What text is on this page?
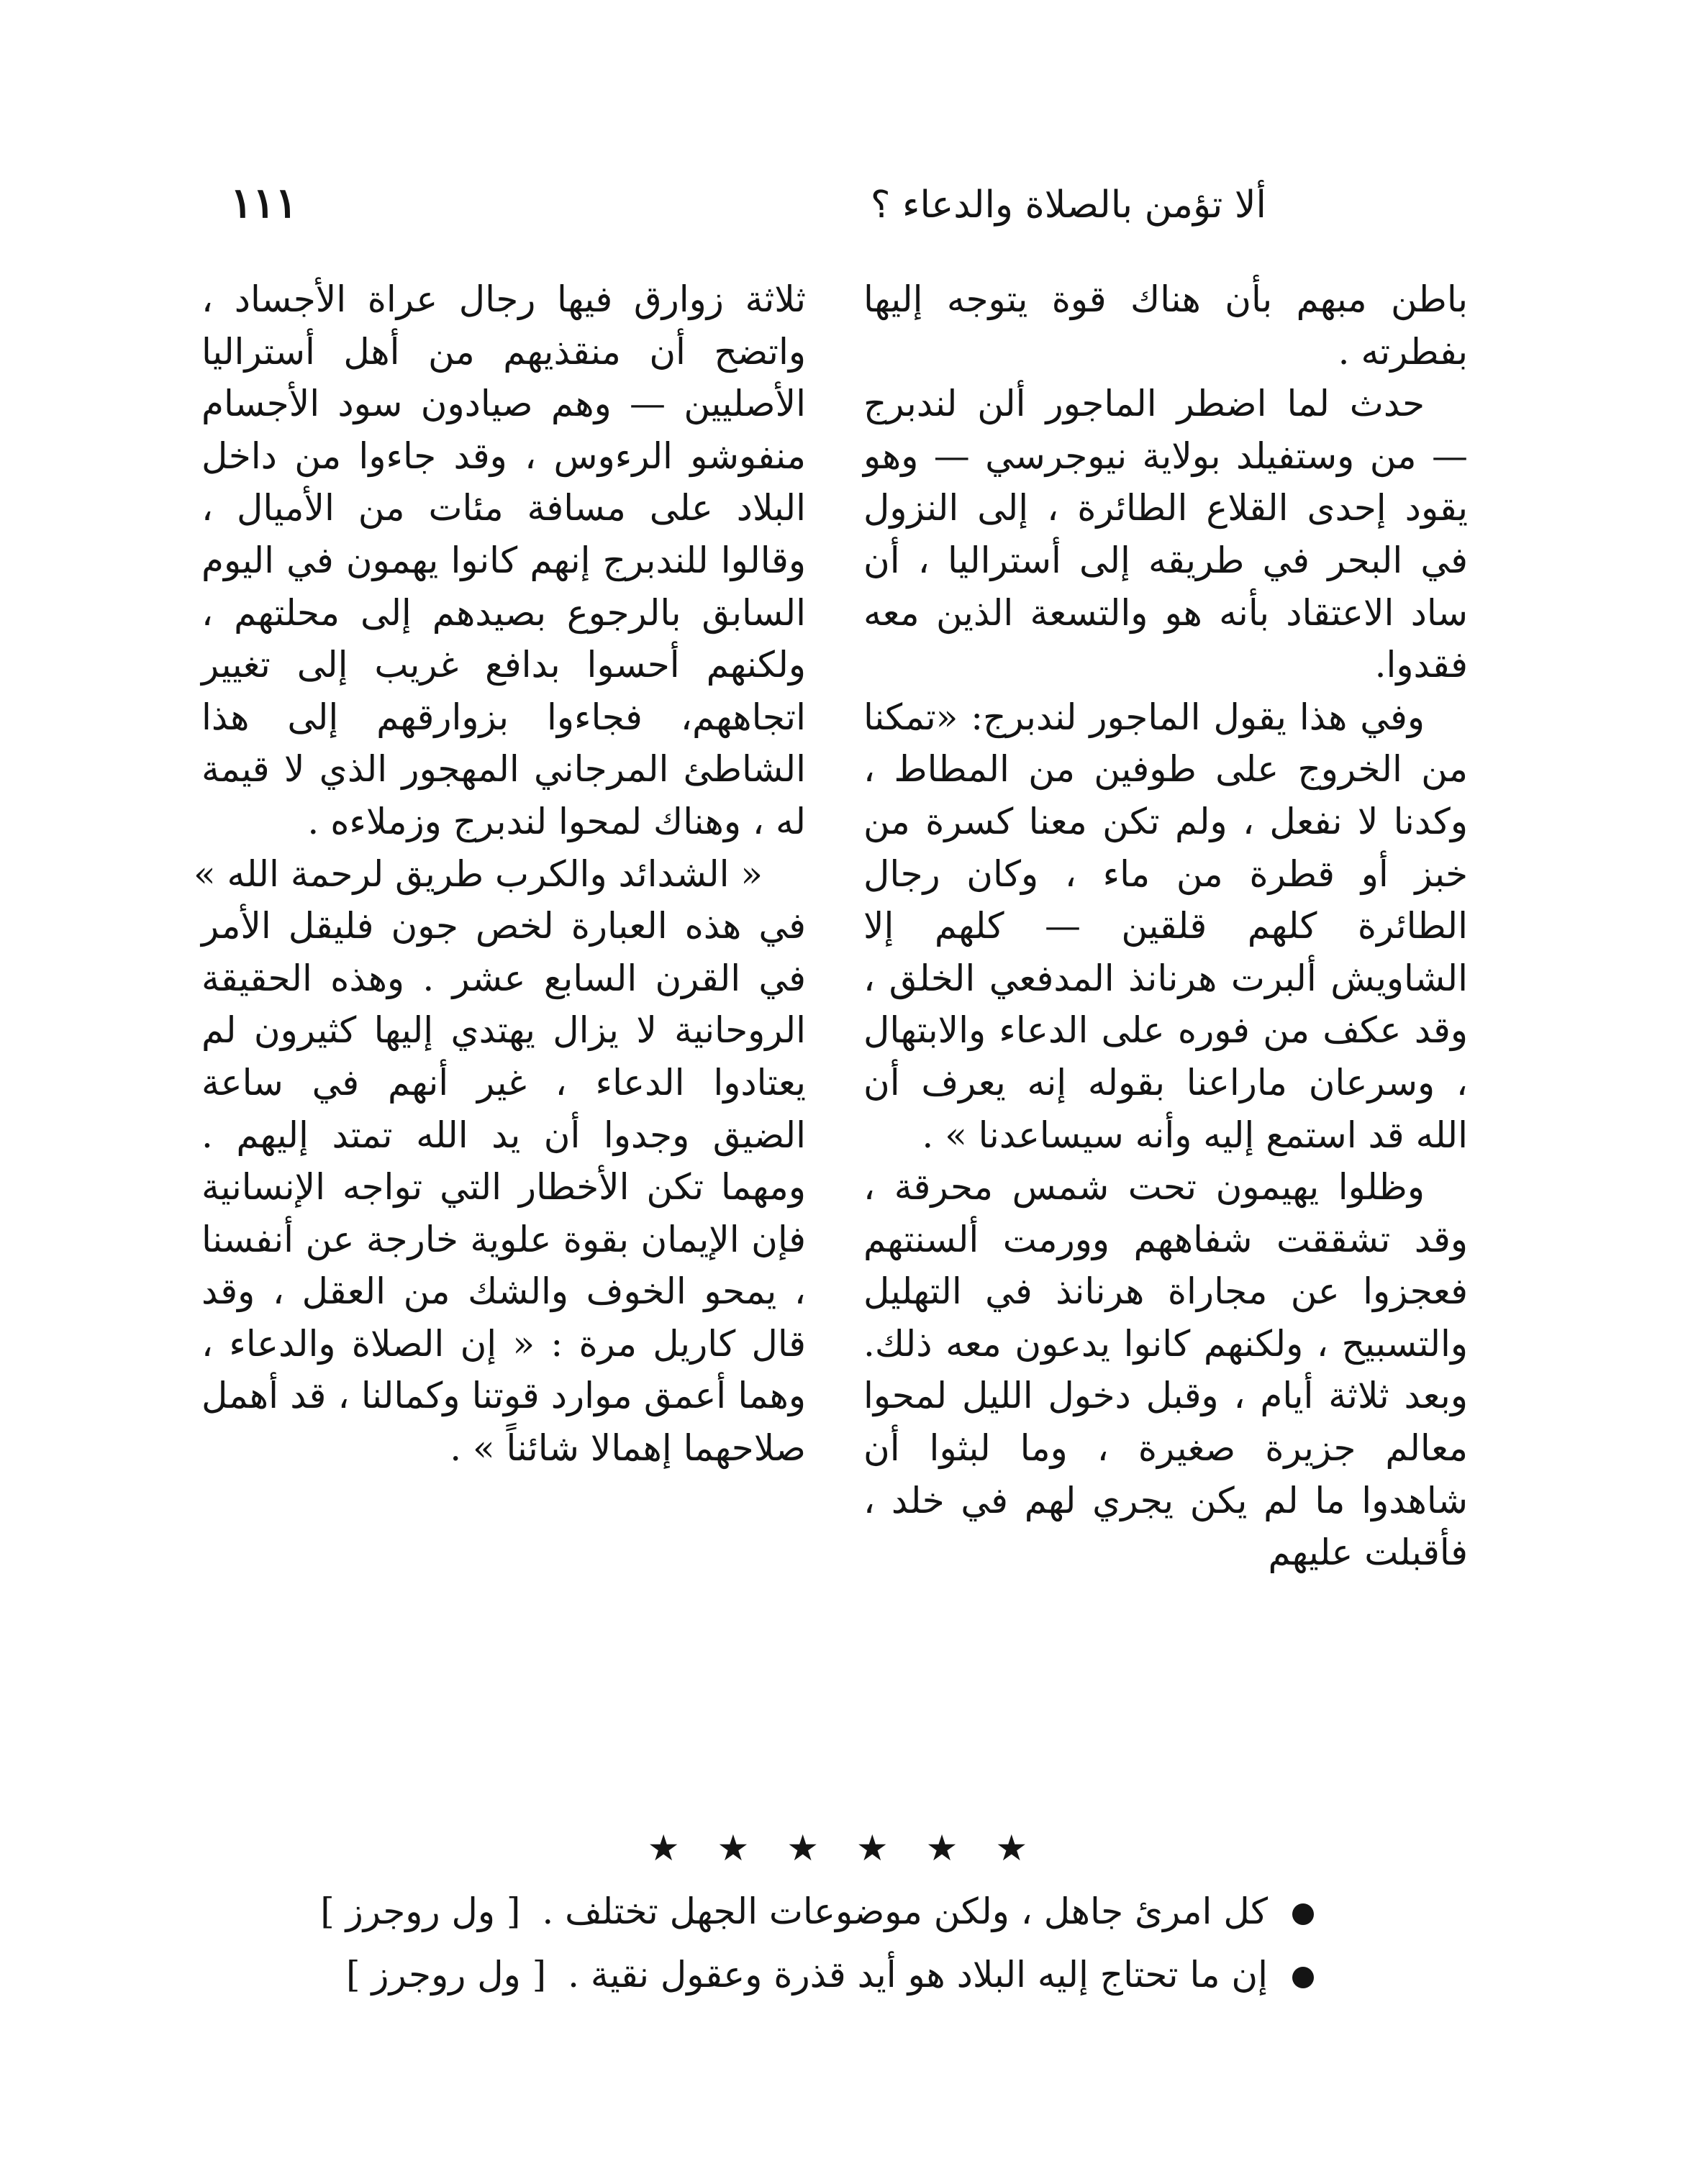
ألا تؤمن بالصلاة والدعاء ؟
١١١

باطن مبهم بأن هناك قوة يتوجه إليها بفطرته .

حدث لما اضطر الماجور ألن لندبرج — من وستفيلد بولاية نيوجرسي — وهو يقود إحدى القلاع الطائرة ، إلى النزول في البحر في طريقه إلى أستراليا ، أن ساد الاعتقاد بأنه هو والتسعة الذين معه فقدوا.

وفي هذا يقول الماجور لندبرج: «تمكنا من الخروج على طوفين من المطاط ، وكدنا لا نفعل ، ولم تكن معنا كسرة من خبز أو قطرة من ماء ، وكان رجال الطائرة كلهم قلقين — كلهم إلا الشاويش ألبرت هرنانذ المدفعي الخلق ، وقد عكف من فوره على الدعاء والابتهال ، وسرعان ماراعنا بقوله إنه يعرف أن الله قد استمع إليه وأنه سيساعدنا » .

وظلوا يهيمون تحت شمس محرقة ، وقد تشققت شفاههم وورمت ألسنتهم فعجزوا عن مجاراة هرنانذ في التهليل والتسبيح ، ولكنهم كانوا يدعون معه ذلك. وبعد ثلاثة أيام ، وقبل دخول الليل لمحوا معالم جزيرة صغيرة ، وما لبثوا أن شاهدوا ما لم يكن يجري لهم في خلد ، فأقبلت عليهم

ثلاثة زوارق فيها رجال عراة الأجساد ، واتضح أن منقذيهم من أهل أستراليا الأصليين — وهم صيادون سود الأجسام منفوشو الرءوس ، وقد جاءوا من داخل البلاد على مسافة مئات من الأميال ، وقالوا للندبرج إنهم كانوا يهمون في اليوم السابق بالرجوع بصيدهم إلى محلتهم ، ولكنهم أحسوا بدافع غريب إلى تغيير اتجاههم، فجاءوا بزوارقهم إلى هذا الشاطئ المرجاني المهجور الذي لا قيمة له ، وهناك لمحوا لندبرج وزملاءه .

« الشدائد والكرب طريق لرحمة الله »

في هذه العبارة لخص جون فليقل الأمر في القرن السابع عشر . وهذه الحقيقة الروحانية لا يزال يهتدي إليها كثيرون لم يعتادوا الدعاء ، غير أنهم في ساعة الضيق وجدوا أن يد الله تمتد إليهم . ومهما تكن الأخطار التي تواجه الإنسانية فإن الإيمان بقوة علوية خارجة عن أنفسنا ، يمحو الخوف والشك من العقل ، وقد قال كاريل مرة : « إن الصلاة والدعاء ، وهما أعمق موارد قوتنا وكمالنا ، قد أهمل صلاحهما إهمالا شائناً » .

★ ★ ★ ★ ★ ★
كل امرئ جاهل ، ولكن موضوعات الجهل تختلف .[ ول روجرز ]
إن ما تحتاج إليه البلاد هو أيد قذرة وعقول نقية .[ ول روجرز ]
